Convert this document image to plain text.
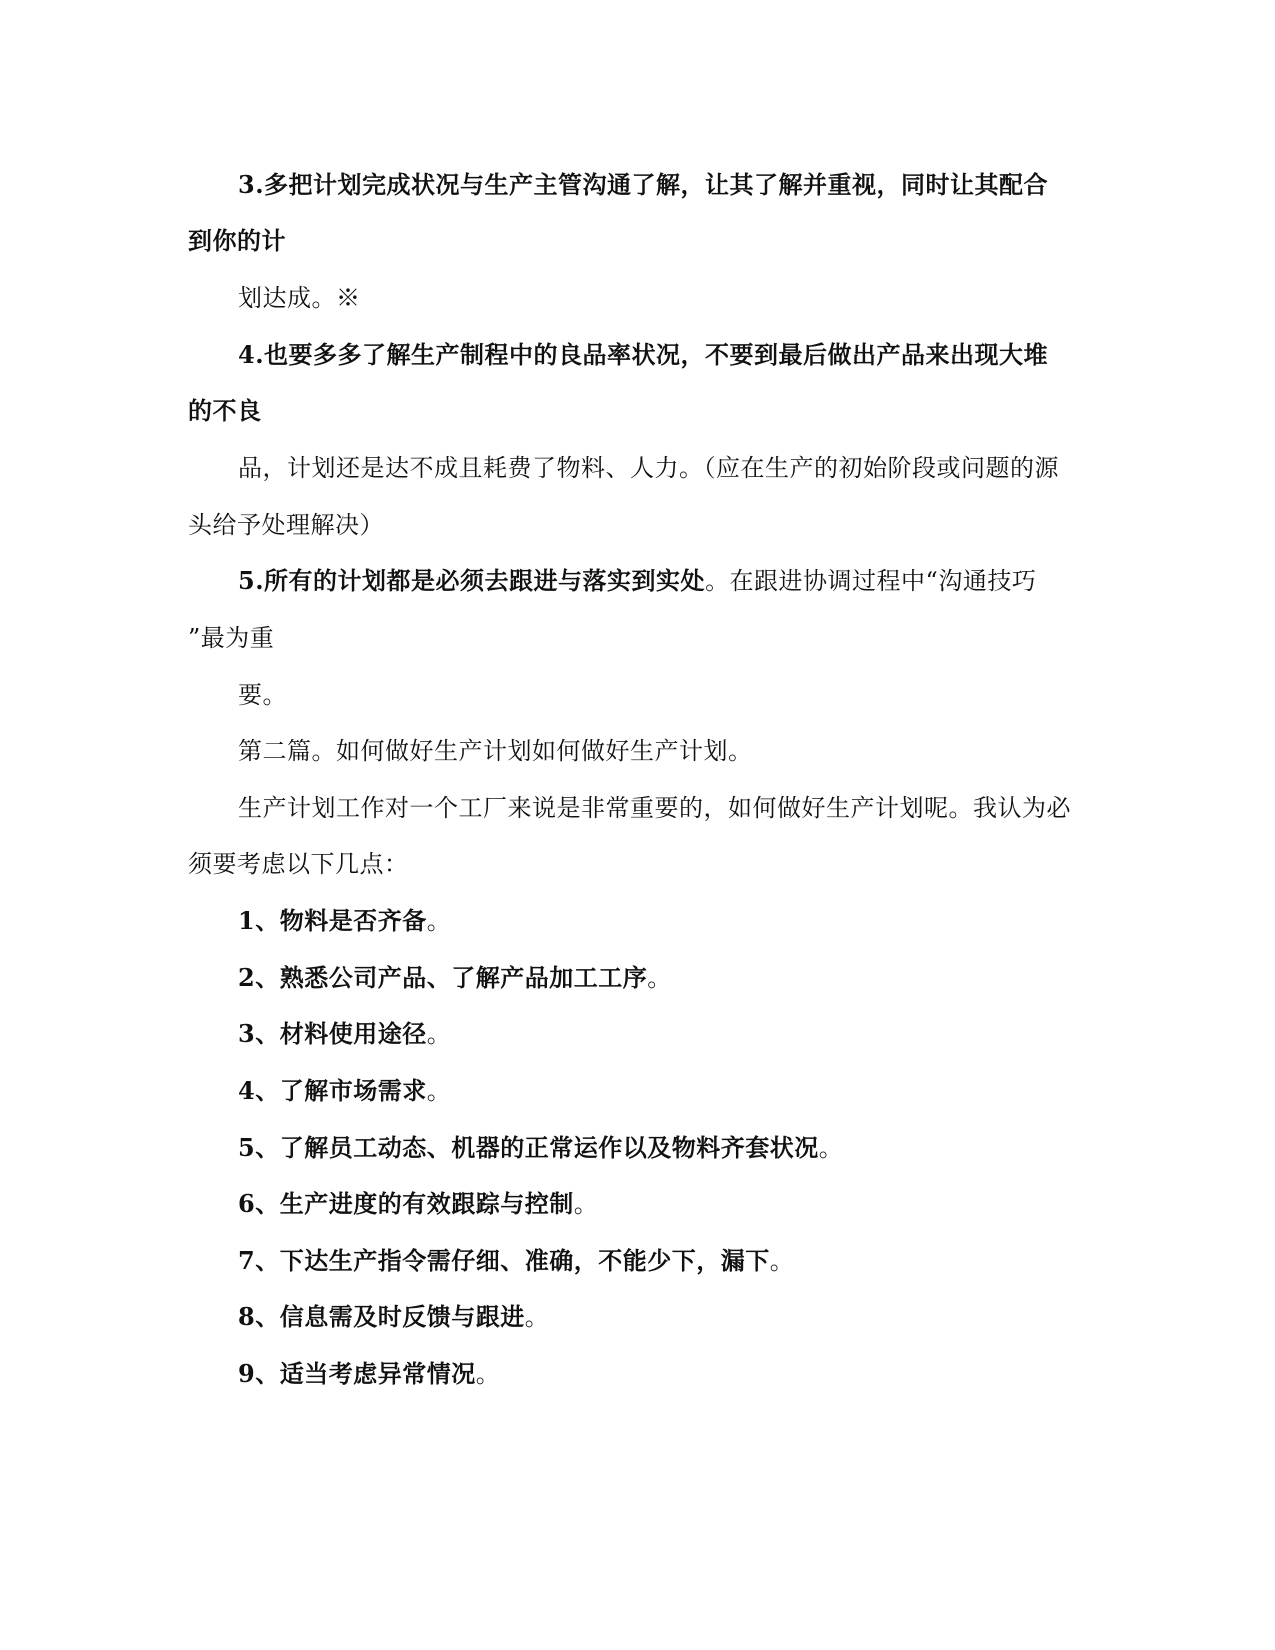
3.多把计划完成状况与生产主管沟通了解，让其了解并重视，同时让其配合
到你的计
划达成。※
4.也要多多了解生产制程中的良品率状况，不要到最后做出产品来出现大堆
的不良
品，计划还是达不成且耗费了物料、人力。（应在生产的初始阶段或问题的源
头给予处理解决）
5.所有的计划都是必须去跟进与落实到实处。在跟进协调过程中“沟通技巧
”最为重
要。
第二篇。如何做好生产计划如何做好生产计划。
生产计划工作对一个工厂来说是非常重要的，如何做好生产计划呢。我认为必
须要考虑以下几点：
1、物料是否齐备。
2、熟悉公司产品、了解产品加工工序。
3、材料使用途径。
4、了解市场需求。
5、了解员工动态、机器的正常运作以及物料齐套状况。
6、生产进度的有效跟踪与控制。
7、下达生产指令需仔细、准确，不能少下，漏下。
8、信息需及时反馈与跟进。
9、适当考虑异常情况。
